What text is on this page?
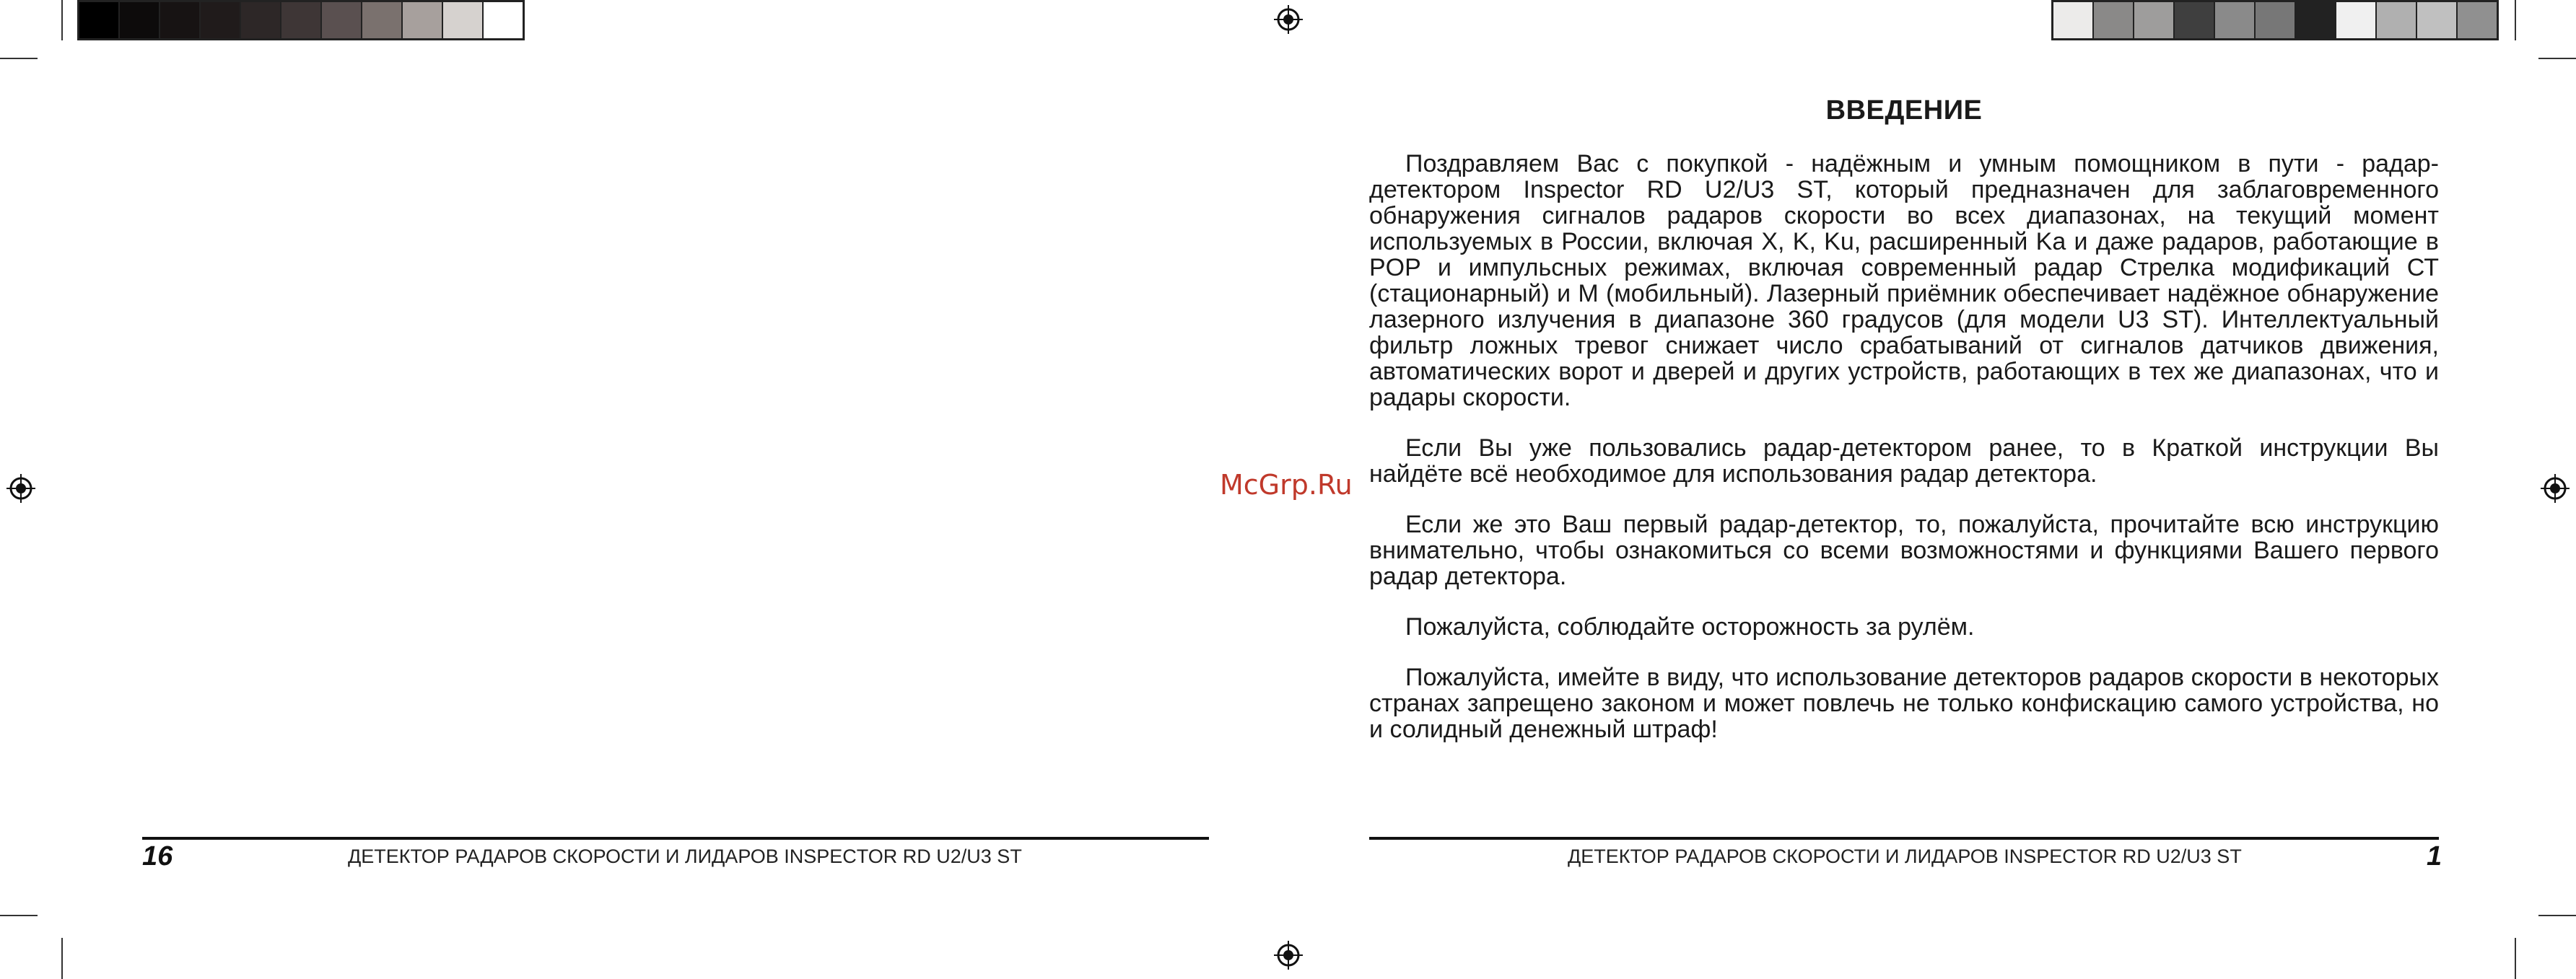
ВВЕДЕНИЕ

Поздравляем Вас с покупкой - надёжным и умным помощником в пути - радар-детектором Inspector RD U2/U3 ST, который предназначен для заблаговременного обнаружения сигналов радаров скорости во всех диапазонах, на текущий момент используемых в России, включая X, K, Ku, расширенный Ka и даже радаров, работающие в POP и импульсных режимах, включая современный радар Стрелка модификаций СТ (стационарный) и М (мобильный). Лазерный приёмник обеспечивает надёжное обнаружение лазерного излучения в диапазоне 360 градусов (для модели U3 ST). Интеллектуальный фильтр ложных тревог снижает число срабатываний от сигналов датчиков движения, автоматических ворот и дверей и других устройств, работающих в тех же диапазонах, что и радары скорости.

Если Вы уже пользовались радар-детектором ранее, то в Краткой инструкции Вы найдёте всё необходимое для использования радар детектора.

Если же это Ваш первый радар-детектор, то, пожалуйста, прочитайте всю инструкцию внимательно, чтобы ознакомиться со всеми возможностями и функциями Вашего первого радар детектора.

Пожалуйста, соблюдайте осторожность за рулём.

Пожалуйста, имейте в виду, что использование детекторов радаров скорости в некоторых странах запрещено законом и может повлечь не только конфискацию самого устройства, но и солидный денежный штраф!

McGrp.Ru
16	ДЕТЕКТОР РАДАРОВ СКОРОСТИ И ЛИДАРОВ INSPECTOR RD U2/U3 ST	ДЕТЕКТОР РАДАРОВ СКОРОСТИ И ЛИДАРОВ INSPECTOR RD U2/U3 ST	1
